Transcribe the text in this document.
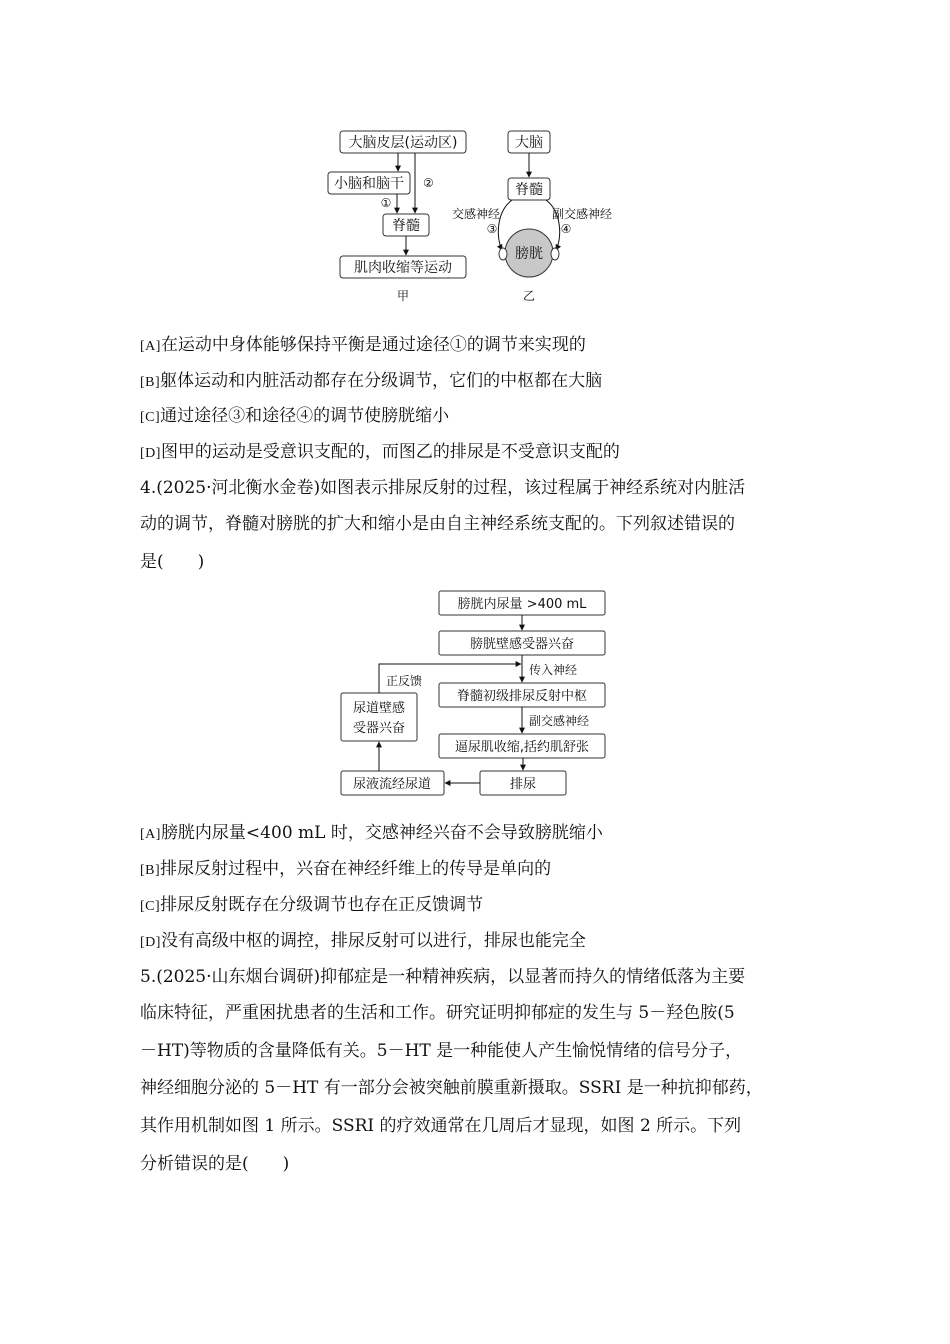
大脑皮层(运动区)
小脑和脑干
脊髓
肌肉收缩等运动
①
②
甲
大脑
脊髓
膀胱
交感神经	副交感神经
③	④
乙
[A]在运动中身体能够保持平衡是通过途径①的调节来实现的
[B]躯体运动和内脏活动都存在分级调节，它们的中枢都在大脑
[C]通过途径③和途径④的调节使膀胱缩小
[D]图甲的运动是受意识支配的，而图乙的排尿是不受意识支配的
4.(2025·河北衡水金卷)如图表示排尿反射的过程，该过程属于神经系统对内脏活
动的调节，脊髓对膀胱的扩大和缩小是由自主神经系统支配的。下列叙述错误的
是(　　)
膀胱内尿量 >400 mL
膀胱壁感受器兴奋
脊髓初级排尿反射中枢
逼尿肌收缩,括约肌舒张
排尿
尿液流经尿道
尿道壁感
受器兴奋
传入神经
副交感神经
正反馈
[A]膀胱内尿量<400 mL 时，交感神经兴奋不会导致膀胱缩小
[B]排尿反射过程中，兴奋在神经纤维上的传导是单向的
[C]排尿反射既存在分级调节也存在正反馈调节
[D]没有高级中枢的调控，排尿反射可以进行，排尿也能完全
5.(2025·山东烟台调研)抑郁症是一种精神疾病，以显著而持久的情绪低落为主要
临床特征，严重困扰患者的生活和工作。研究证明抑郁症的发生与 5－羟色胺(5
－HT)等物质的含量降低有关。5－HT 是一种能使人产生愉悦情绪的信号分子，
神经细胞分泌的 5－HT 有一部分会被突触前膜重新摄取。SSRI 是一种抗抑郁药，
其作用机制如图 1 所示。SSRI 的疗效通常在几周后才显现，如图 2 所示。下列
分析错误的是(　　)
